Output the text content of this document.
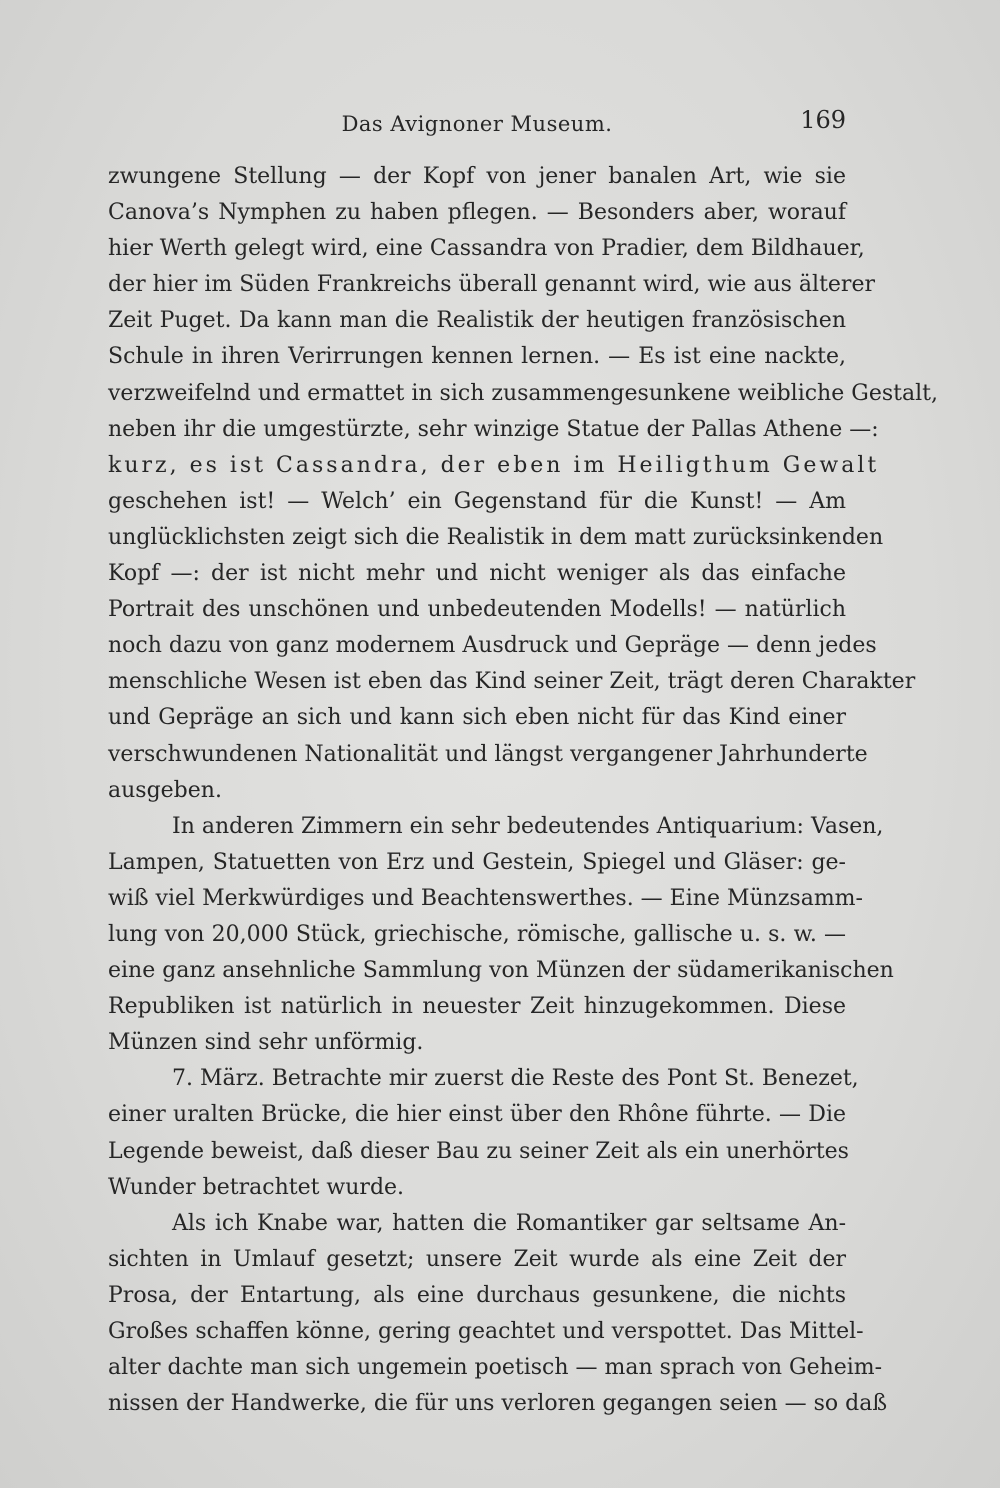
Das Avignoner Museum.	169
zwungene Stellung — der Kopf von jener banalen Art, wie sie
Canova’s Nymphen zu haben pflegen. — Besonders aber, worauf
hier Werth gelegt wird, eine Cassandra von Pradier, dem Bildhauer,
der hier im Süden Frankreichs überall genannt wird, wie aus älterer
Zeit Puget. Da kann man die Realistik der heutigen französischen
Schule in ihren Verirrungen kennen lernen. — Es ist eine nackte,
verzweifelnd und ermattet in sich zusammengesunkene weibliche Gestalt,
neben ihr die umgestürzte, sehr winzige Statue der Pallas Athene —:
kurz, es ist Cassandra, der eben im Heiligthum Gewalt
geschehen ist! — Welch’ ein Gegenstand für die Kunst! — Am
unglücklichsten zeigt sich die Realistik in dem matt zurücksinkenden
Kopf —: der ist nicht mehr und nicht weniger als das einfache
Portrait des unschönen und unbedeutenden Modells! — natürlich
noch dazu von ganz modernem Ausdruck und Gepräge — denn jedes
menschliche Wesen ist eben das Kind seiner Zeit, trägt deren Charakter
und Gepräge an sich und kann sich eben nicht für das Kind einer
verschwundenen Nationalität und längst vergangener Jahrhunderte
ausgeben.
In anderen Zimmern ein sehr bedeutendes Antiquarium: Vasen,
Lampen, Statuetten von Erz und Gestein, Spiegel und Gläser: ge-
wiß viel Merkwürdiges und Beachtenswerthes. — Eine Münzsamm-
lung von 20,000 Stück, griechische, römische, gallische u. s. w. —
eine ganz ansehnliche Sammlung von Münzen der südamerikanischen
Republiken ist natürlich in neuester Zeit hinzugekommen. Diese
Münzen sind sehr unförmig.
7. März. Betrachte mir zuerst die Reste des Pont St. Benezet,
einer uralten Brücke, die hier einst über den Rhône führte. — Die
Legende beweist, daß dieser Bau zu seiner Zeit als ein unerhörtes
Wunder betrachtet wurde.
Als ich Knabe war, hatten die Romantiker gar seltsame An-
sichten in Umlauf gesetzt; unsere Zeit wurde als eine Zeit der
Prosa, der Entartung, als eine durchaus gesunkene, die nichts
Großes schaffen könne, gering geachtet und verspottet. Das Mittel-
alter dachte man sich ungemein poetisch — man sprach von Geheim-
nissen der Handwerke, die für uns verloren gegangen seien — so daß
